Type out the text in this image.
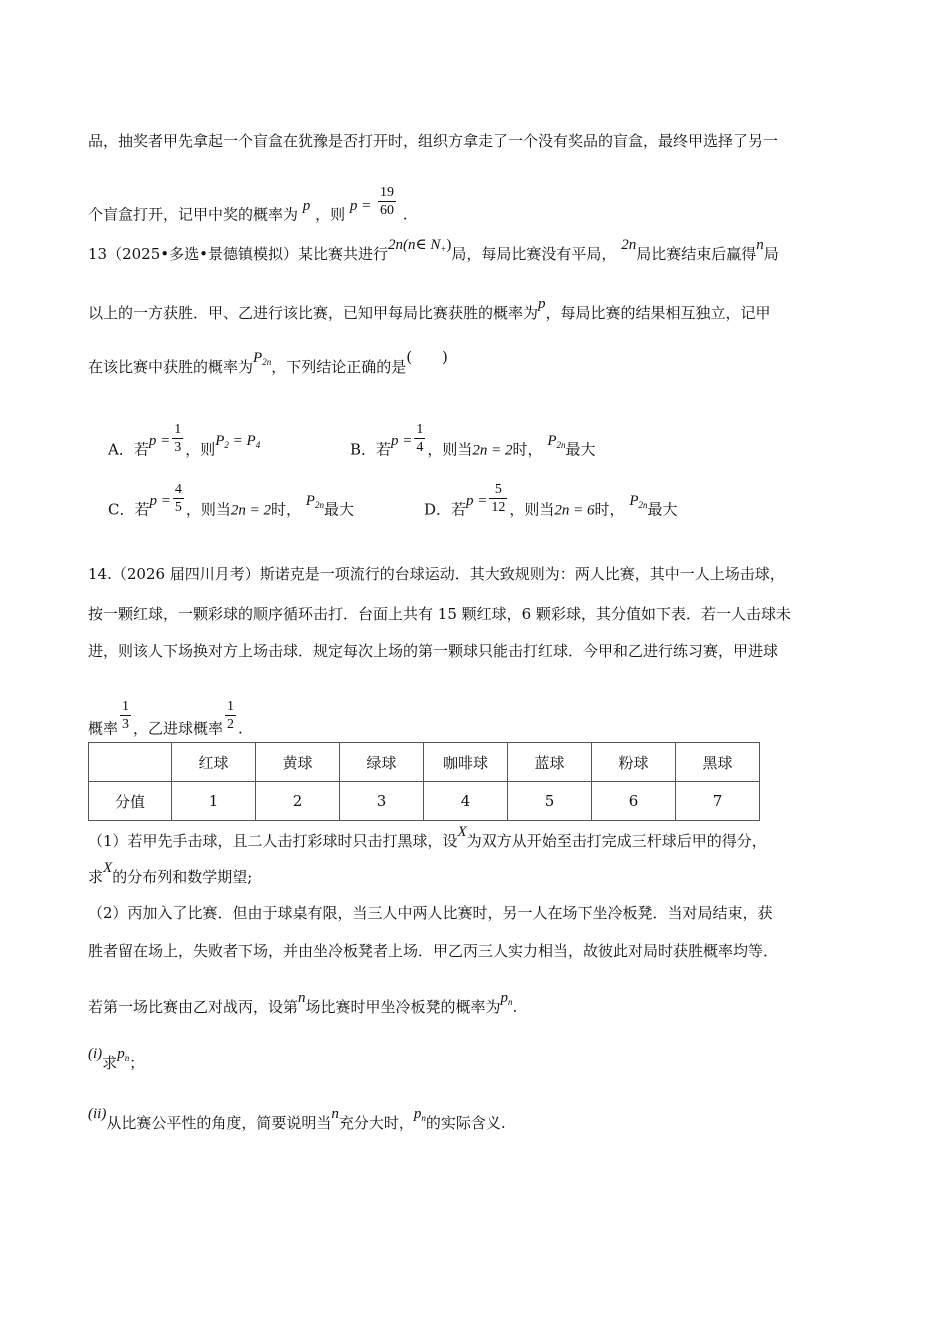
品，抽奖者甲先拿起一个盲盒在犹豫是否打开时，组织方拿走了一个没有奖品的盲盒，最终甲选择了另一
个盲盒打开，记甲中奖的概率为 p ，则 $p = \frac{19}{60}$ .
13（2025•多选•景德镇模拟）某比赛共进行2n(n∈ $N_+$)局，每局比赛没有平局， 2n局比赛结束后赢得n局
以上的一方获胜．甲、乙进行该比赛，已知甲每局比赛获胜的概率为p，每局比赛的结果相互独立，记甲
在该比赛中获胜的概率为$P_{2n}$，下列结论正确的是(　　)
A．若$p = \frac{1}{3}$ ，则$P_2 = P_4$	B．若$p = \frac{1}{4}$ ，则当2n = 2时， $P_{2n}$最大
C．若$p = \frac{4}{5}$ ，则当2n = 2时， $P_{2n}$最大	D．若$p = \frac{5}{12}$ ，则当2n = 6时， $P_{2n}$最大
14.（2026 届四川月考）斯诺克是一项流行的台球运动．其大致规则为：两人比赛，其中一人上场击球，
按一颗红球，一颗彩球的顺序循环击打．台面上共有 15 颗红球，6 颗彩球，其分值如下表．若一人击球未
进，则该人下场换对方上场击球．规定每次上场的第一颗球只能击打红球．今甲和乙进行练习赛，甲进球
概率 $\frac{1}{3}$ ，乙进球概率 $\frac{1}{2}$ .
	红球	黄球	绿球	咖啡球	蓝球	粉球	黑球
分值	1	2	3	4	5	6	7
（1）若甲先手击球，且二人击打彩球时只击打黑球，设X为双方从开始至击打完成三杆球后甲的得分，
求X的分布列和数学期望;
（2）丙加入了比赛．但由于球桌有限，当三人中两人比赛时，另一人在场下坐冷板凳．当对局结束，获
胜者留在场上，失败者下场，并由坐冷板凳者上场．甲乙丙三人实力相当，故彼此对局时获胜概率均等．
若第一场比赛由乙对战丙，设第n场比赛时甲坐冷板凳的概率为$p_n$.
(i)求$p_n$；
(ii)从比赛公平性的角度，简要说明当n充分大时，$p_n$的实际含义.
